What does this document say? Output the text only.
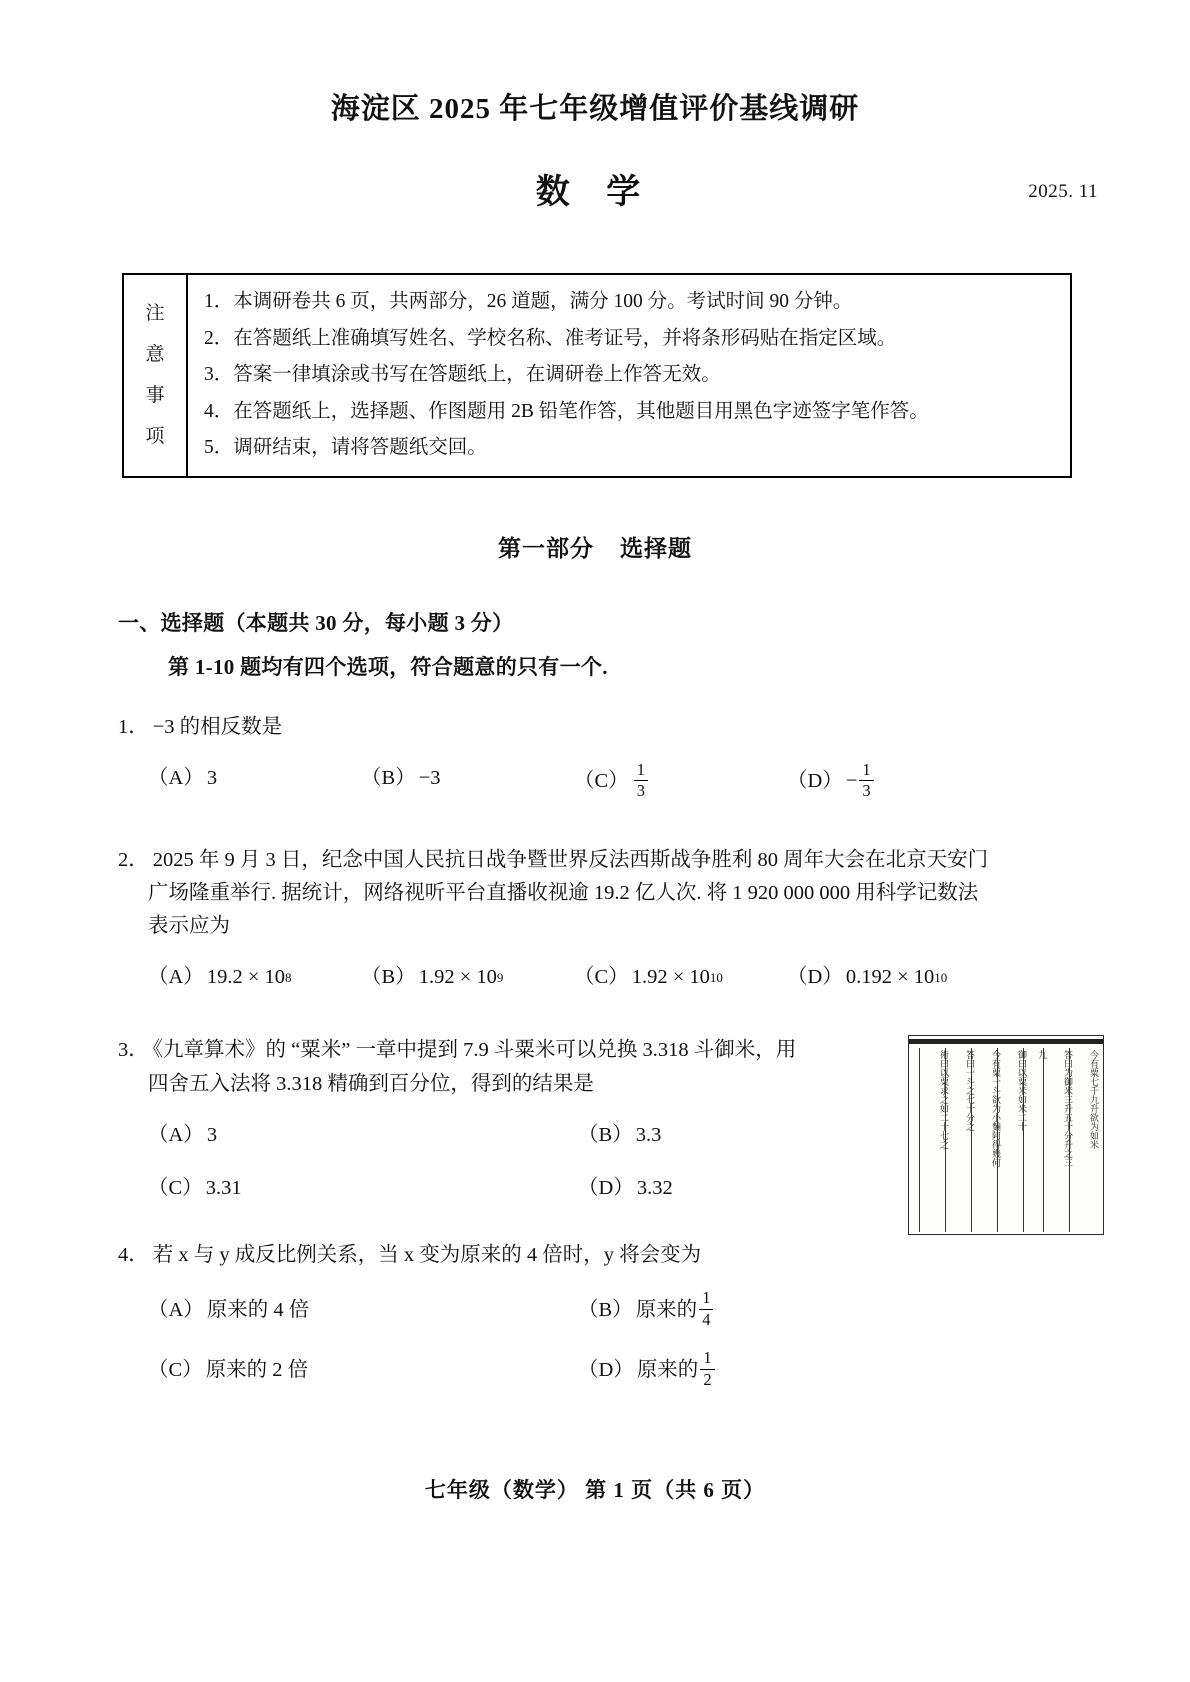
海淀区 2025 年七年级增值评价基线调研
数 学	2025. 11
注
意
事
项
1．本调研卷共 6 页，共两部分，26 道题，满分 100 分。考试时间 90 分钟。
2．在答题纸上准确填写姓名、学校名称、准考证号，并将条形码贴在指定区域。
3．答案一律填涂或书写在答题纸上，在调研卷上作答无效。
4．在答题纸上，选择题、作图题用 2B 铅笔作答，其他题目用黑色字迹签字笔作答。
5．调研结束，请将答题纸交回。
第一部分 选择题
一、选择题（本题共 30 分，每小题 3 分）
第 1-10 题均有四个选项，符合题意的只有一个.
1． −3 的相反数是
（A） 3	（B） −3	$(C) \frac{1}{3}$	$(D) - \frac{1}{3}$
2． 2025 年 9 月 3 日，纪念中国人民抗日战争暨世界反法西斯战争胜利 80 周年大会在北京天安门
广场隆重举行. 据统计，网络视听平台直播收视逾 19.2 亿人次. 将 1 920 000 000 用科学记数法
表示应为
（A） 19.2 × 10 8	（B） 1.92 × 10 9	（C） 1.92 × 10 10	（D） 0.192 × 10 10
3． 《九章算术》的 “粟米” 一章中提到 7.9 斗粟米可以兑换 3.318 斗御米，用
四舍五入法将 3.318 精确到百分位，得到的结果是
（A） 3	（B） 3.3
（C） 3.31	（D） 3.32
4． 若 x 与 y 成反比例关系，当 x 变为原来的 4 倍时，y 将会变为
（A） 原来的 4 倍	（B） 原来的 $\frac{1}{4}$
（C） 原来的 2 倍	（D） 原来的 $\frac{1}{2}$
今有粟七千九升欲为如米
答曰为御米三升五十分升之三
九
御曰以粟米如米二十
今有粟一斗欲为小䵂阿得幾何
答曰一斗之七十分之
術曰以粟求之如二十七之
七年级（数学） 第 1 页（共 6 页）
